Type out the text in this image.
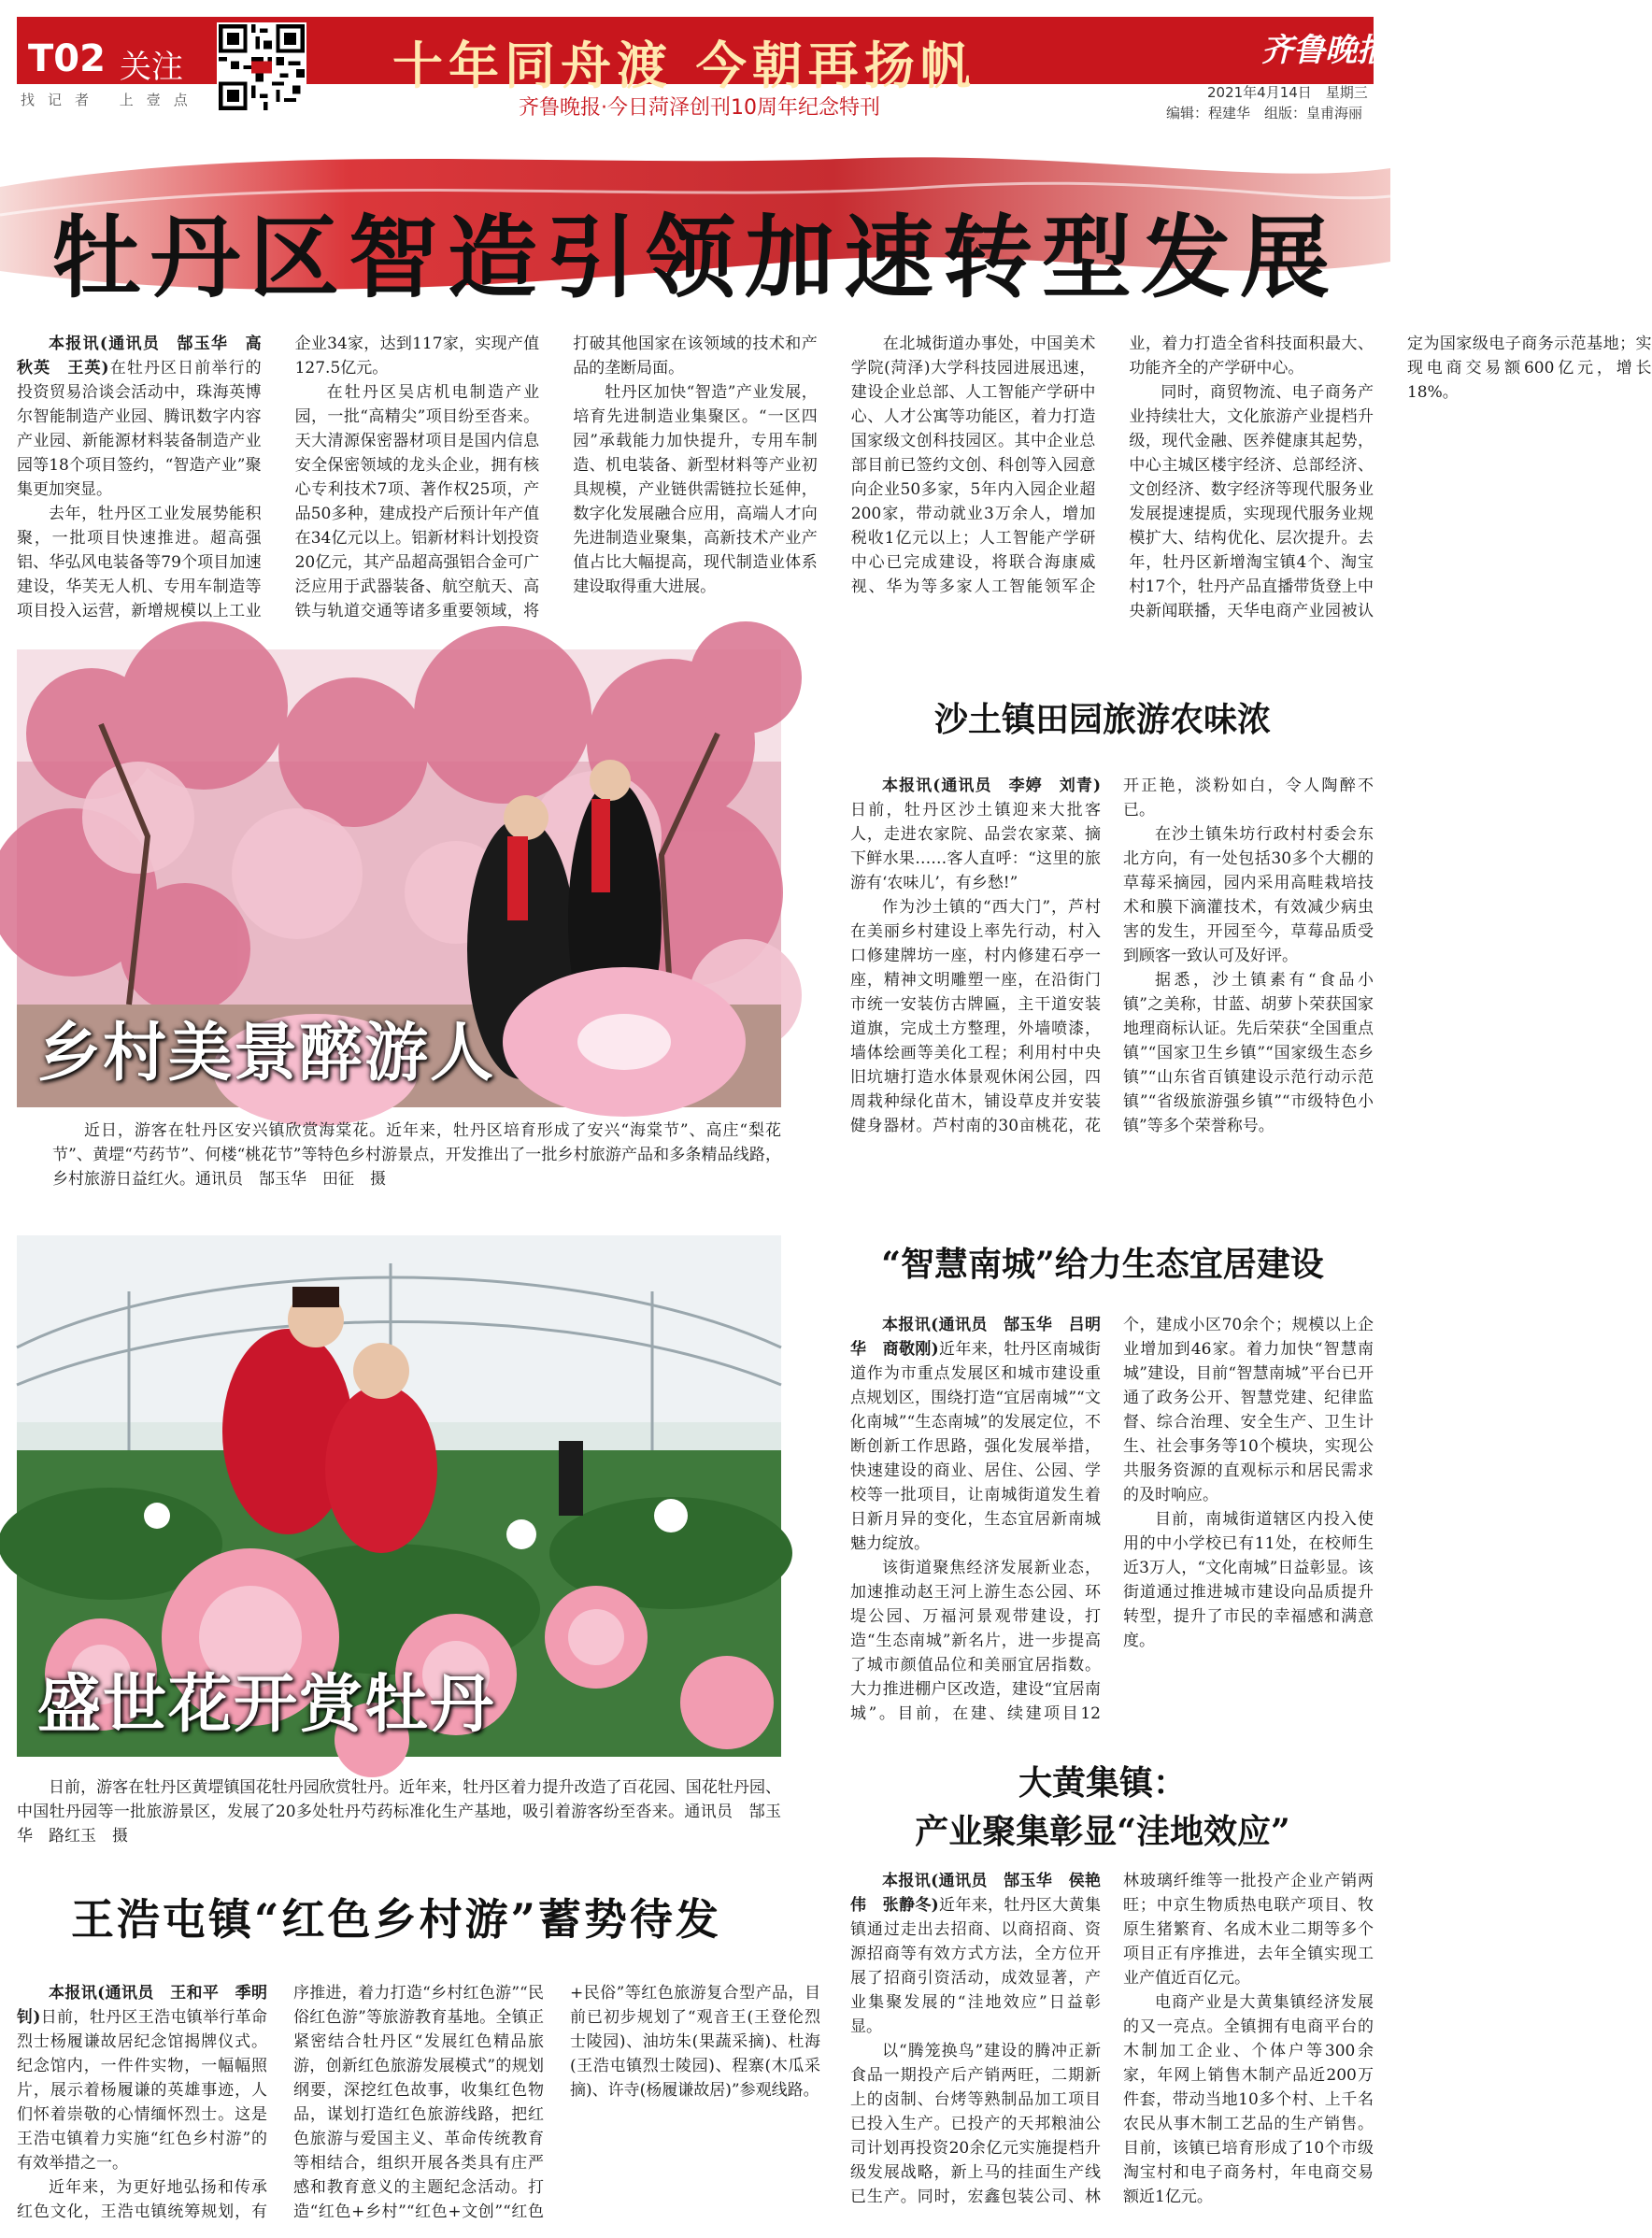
T02 关注
找记者 上壹点
十年同舟渡 今朝再扬帆
齐鲁晚报·今日菏泽创刊10周年纪念特刊
齐鲁晚报
2021年4月14日　星期三
编辑：程建华　组版：皇甫海丽
牡丹区智造引领加速转型发展

本报讯(通讯员　郜玉华　高秋英　王英)在牡丹区日前举行的投资贸易洽谈会活动中，珠海英博尔智能制造产业园、腾讯数字内容产业园、新能源材料装备制造产业园等18个项目签约，“智造产业”聚集更加突显。

去年，牡丹区工业发展势能积聚，一批项目快速推进。超高强铝、华弘风电装备等79个项目加速建设，华芙无人机、专用车制造等项目投入运营，新增规模以上工业企业34家，达到117家，实现产值127.5亿元。

在牡丹区吴店机电制造产业园，一批“高精尖”项目纷至沓来。天大清源保密器材项目是国内信息安全保密领域的龙头企业，拥有核心专利技术7项、著作权25项，产品50多种，建成投产后预计年产值在34亿元以上。铝新材料计划投资20亿元，其产品超高强铝合金可广泛应用于武器装备、航空航天、高铁与轨道交通等诸多重要领域，将打破其他国家在该领域的技术和产品的垄断局面。

牡丹区加快“智造”产业发展，培育先进制造业集聚区。“一区四园”承载能力加快提升，专用车制造、机电装备、新型材料等产业初具规模，产业链供需链拉长延伸，数字化发展融合应用，高端人才向先进制造业聚集，高新技术产业产值占比大幅提高，现代制造业体系建设取得重大进展。

在北城街道办事处，中国美术学院(菏泽)大学科技园进展迅速，建设企业总部、人工智能产学研中心、人才公寓等功能区，着力打造国家级文创科技园区。其中企业总部目前已签约文创、科创等入园意向企业50多家，5年内入园企业超200家，带动就业3万余人，增加税收1亿元以上；人工智能产学研中心已完成建设，将联合海康威视、华为等多家人工智能领军企业，着力打造全省科技面积最大、功能齐全的产学研中心。

同时，商贸物流、电子商务产业持续壮大，文化旅游产业提档升级，现代金融、医养健康其起势，中心主城区楼宇经济、总部经济、文创经济、数字经济等现代服务业发展提速提质，实现现代服务业规模扩大、结构优化、层次提升。去年，牡丹区新增淘宝镇4个、淘宝村17个，牡丹产品直播带货登上中央新闻联播，天华电商产业园被认定为国家级电子商务示范基地；实现电商交易额600亿元，增长18%。

乡村美景醉游人
近日，游客在牡丹区安兴镇欣赏海棠花。近年来，牡丹区培育形成了安兴“海棠节”、高庄“梨花节”、黄堽“芍药节”、何楼“桃花节”等特色乡村游景点，开发推出了一批乡村旅游产品和多条精品线路，乡村旅游日益红火。通讯员　郜玉华　田征　摄
沙土镇田园旅游农味浓

本报讯(通讯员　李婷　刘青)日前，牡丹区沙土镇迎来大批客人，走进农家院、品尝农家菜、摘下鲜水果……客人直呼：“这里的旅游有‘农味儿’，有乡愁!”

作为沙土镇的“西大门”，芦村在美丽乡村建设上率先行动，村入口修建牌坊一座，村内修建石亭一座，精神文明雕塑一座，在沿街门市统一安装仿古牌匾，主干道安装道旗，完成土方整理，外墙喷漆，墙体绘画等美化工程；利用村中央旧坑塘打造水体景观休闲公园，四周栽种绿化苗木，铺设草皮并安装健身器材。芦村南的30亩桃花，花开正艳，淡粉如白，令人陶醉不已。

在沙土镇朱坊行政村村委会东北方向，有一处包括30多个大棚的草莓采摘园，园内采用高畦栽培技术和膜下滴灌技术，有效减少病虫害的发生，开园至今，草莓品质受到顾客一致认可及好评。

据悉，沙土镇素有“食品小镇”之美称，甘蓝、胡萝卜荣获国家地理商标认证。先后荣获“全国重点镇”“国家卫生乡镇”“国家级生态乡镇”“山东省百镇建设示范行动示范镇”“省级旅游强乡镇”“市级特色小镇”等多个荣誉称号。

盛世花开赏牡丹
日前，游客在牡丹区黄堽镇国花牡丹园欣赏牡丹。近年来，牡丹区着力提升改造了百花园、国花牡丹园、中国牡丹园等一批旅游景区，发展了20多处牡丹芍药标准化生产基地，吸引着游客纷至沓来。通讯员　郜玉华　路红玉　摄
“智慧南城”给力生态宜居建设

本报讯(通讯员　郜玉华　吕明华　商敬刚)近年来，牡丹区南城街道作为市重点发展区和城市建设重点规划区，围绕打造“宜居南城”“文化南城”“生态南城”的发展定位，不断创新工作思路，强化发展举措，快速建设的商业、居住、公园、学校等一批项目，让南城街道发生着日新月异的变化，生态宜居新南城魅力绽放。

该街道聚焦经济发展新业态，加速推动赵王河上游生态公园、环堤公园、万福河景观带建设，打造“生态南城”新名片，进一步提高了城市颜值品位和美丽宜居指数。大力推进棚户区改造，建设“宜居南城”。目前，在建、续建项目12个，建成小区70余个；规模以上企业增加到46家。着力加快“智慧南城”建设，目前“智慧南城”平台已开通了政务公开、智慧党建、纪律监督、综合治理、安全生产、卫生计生、社会事务等10个模块，实现公共服务资源的直观标示和居民需求的及时响应。

目前，南城街道辖区内投入使用的中小学校已有11处，在校师生近3万人，“文化南城”日益彰显。该街道通过推进城市建设向品质提升转型，提升了市民的幸福感和满意度。

王浩屯镇“红色乡村游”蓄势待发

本报讯(通讯员　王和平　季明钊)日前，牡丹区王浩屯镇举行革命烈士杨履谦故居纪念馆揭牌仪式。纪念馆内，一件件实物，一幅幅照片，展示着杨履谦的英雄事迹，人们怀着崇敬的心情缅怀烈士。这是王浩屯镇着力实施“红色乡村游”的有效举措之一。

近年来，为更好地弘扬和传承红色文化，王浩屯镇统筹规划，有序推进，着力打造“乡村红色游”“民俗红色游”等旅游教育基地。全镇正紧密结合牡丹区“发展红色精品旅游，创新红色旅游发展模式”的规划纲要，深挖红色故事，收集红色物品，谋划打造红色旅游线路，把红色旅游与爱国主义、革命传统教育等相结合，组织开展各类具有庄严感和教育意义的主题纪念活动。打造“红色+乡村”“红色+文创”“红色+民俗”等红色旅游复合型产品，目前已初步规划了“观音王(王登伦烈士陵园)、油坊朱(果蔬采摘)、杜海(王浩屯镇烈士陵园)、程寨(木瓜采摘)、许寺(杨履谦故居)”参观线路。

大黄集镇：
产业聚集彰显“洼地效应”

本报讯(通讯员　郜玉华　侯艳伟　张静冬)近年来，牡丹区大黄集镇通过走出去招商、以商招商、资源招商等有效方式方法，全方位开展了招商引资活动，成效显著，产业集聚发展的“洼地效应”日益彰显。

以“腾笼换鸟”建设的腾冲正新食品一期投产后产销两旺，二期新上的卤制、台烤等熟制品加工项目已投入生产。已投产的天邦粮油公司计划再投资20余亿元实施提档升级发展战略，新上马的挂面生产线已生产。同时，宏鑫包装公司、林林玻璃纤维等一批投产企业产销两旺；中京生物质热电联产项目、牧原生猪繁育、名成木业二期等多个项目正有序推进，去年全镇实现工业产值近百亿元。

电商产业是大黄集镇经济发展的又一亮点。全镇拥有电商平台的木制加工企业、个体户等300余家，年网上销售木制产品近200万件套，带动当地10多个村、上千名农民从事木制工艺品的生产销售。目前，该镇已培育形成了10个市级淘宝村和电子商务村，年电商交易额近1亿元。
